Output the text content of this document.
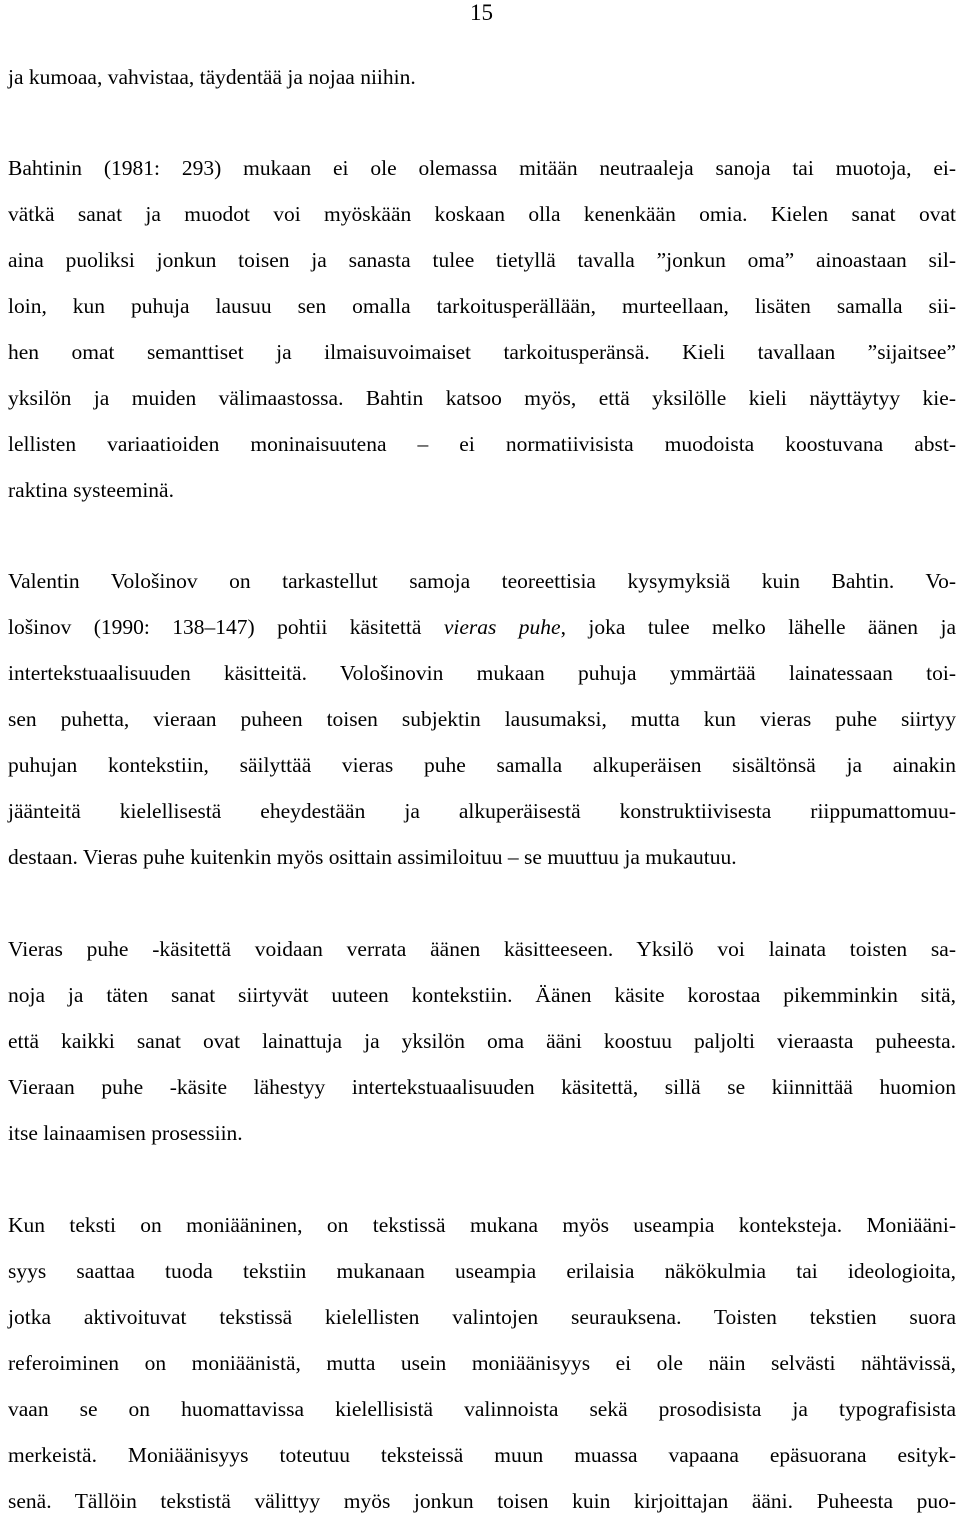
15
ja kumoaa, vahvistaa, täydentää ja nojaa niihin.
Bahtinin (1981: 293) mukaan ei ole olemassa mitään neutraaleja sanoja tai muotoja, ei-
vätkä sanat ja muodot voi myöskään koskaan olla kenenkään omia. Kielen sanat ovat
aina puoliksi jonkun toisen ja sanasta tulee tietyllä tavalla ”jonkun oma” ainoastaan sil-
loin, kun puhuja lausuu sen omalla tarkoitusperällään, murteellaan, lisäten samalla sii-
hen omat semanttiset ja ilmaisuvoimaiset tarkoitusperänsä. Kieli tavallaan ”sijaitsee”
yksilön ja muiden välimaastossa. Bahtin katsoo myös, että yksilölle kieli näyttäytyy kie-
lellisten variaatioiden moninaisuutena – ei normatiivisista muodoista koostuvana abst-
raktina systeeminä.
Valentin Vološinov on tarkastellut samoja teoreettisia kysymyksiä kuin Bahtin. Vo-
lošinov (1990: 138–147) pohtii käsitettä vieras puhe, joka tulee melko lähelle äänen ja
intertekstuaalisuuden käsitteitä. Vološinovin mukaan puhuja ymmärtää lainatessaan toi-
sen puhetta, vieraan puheen toisen subjektin lausumaksi, mutta kun vieras puhe siirtyy
puhujan kontekstiin, säilyttää vieras puhe samalla alkuperäisen sisältönsä ja ainakin
jäänteitä kielellisestä eheydestään ja alkuperäisestä konstruktiivisesta riippumattomuu-
destaan. Vieras puhe kuitenkin myös osittain assimiloituu – se muuttuu ja mukautuu.
Vieras puhe -käsitettä voidaan verrata äänen käsitteeseen. Yksilö voi lainata toisten sa-
noja ja täten sanat siirtyvät uuteen kontekstiin. Äänen käsite korostaa pikemminkin sitä,
että kaikki sanat ovat lainattuja ja yksilön oma ääni koostuu paljolti vieraasta puheesta.
Vieraan puhe -käsite lähestyy intertekstuaalisuuden käsitettä, sillä se kiinnittää huomion
itse lainaamisen prosessiin.
Kun teksti on moniääninen, on tekstissä mukana myös useampia konteksteja. Moniääni-
syys saattaa tuoda tekstiin mukanaan useampia erilaisia näkökulmia tai ideologioita,
jotka aktivoituvat tekstissä kielellisten valintojen seurauksena. Toisten tekstien suora
referoiminen on moniäänistä, mutta usein moniäänisyys ei ole näin selvästi nähtävissä,
vaan se on huomattavissa kielellisistä valinnoista sekä prosodisista ja typografisista
merkeistä. Moniäänisyys toteutuu teksteissä muun muassa vapaana epäsuorana esityk-
senä. Tällöin tekstistä välittyy myös jonkun toisen kuin kirjoittajan ääni. Puheesta puo-
